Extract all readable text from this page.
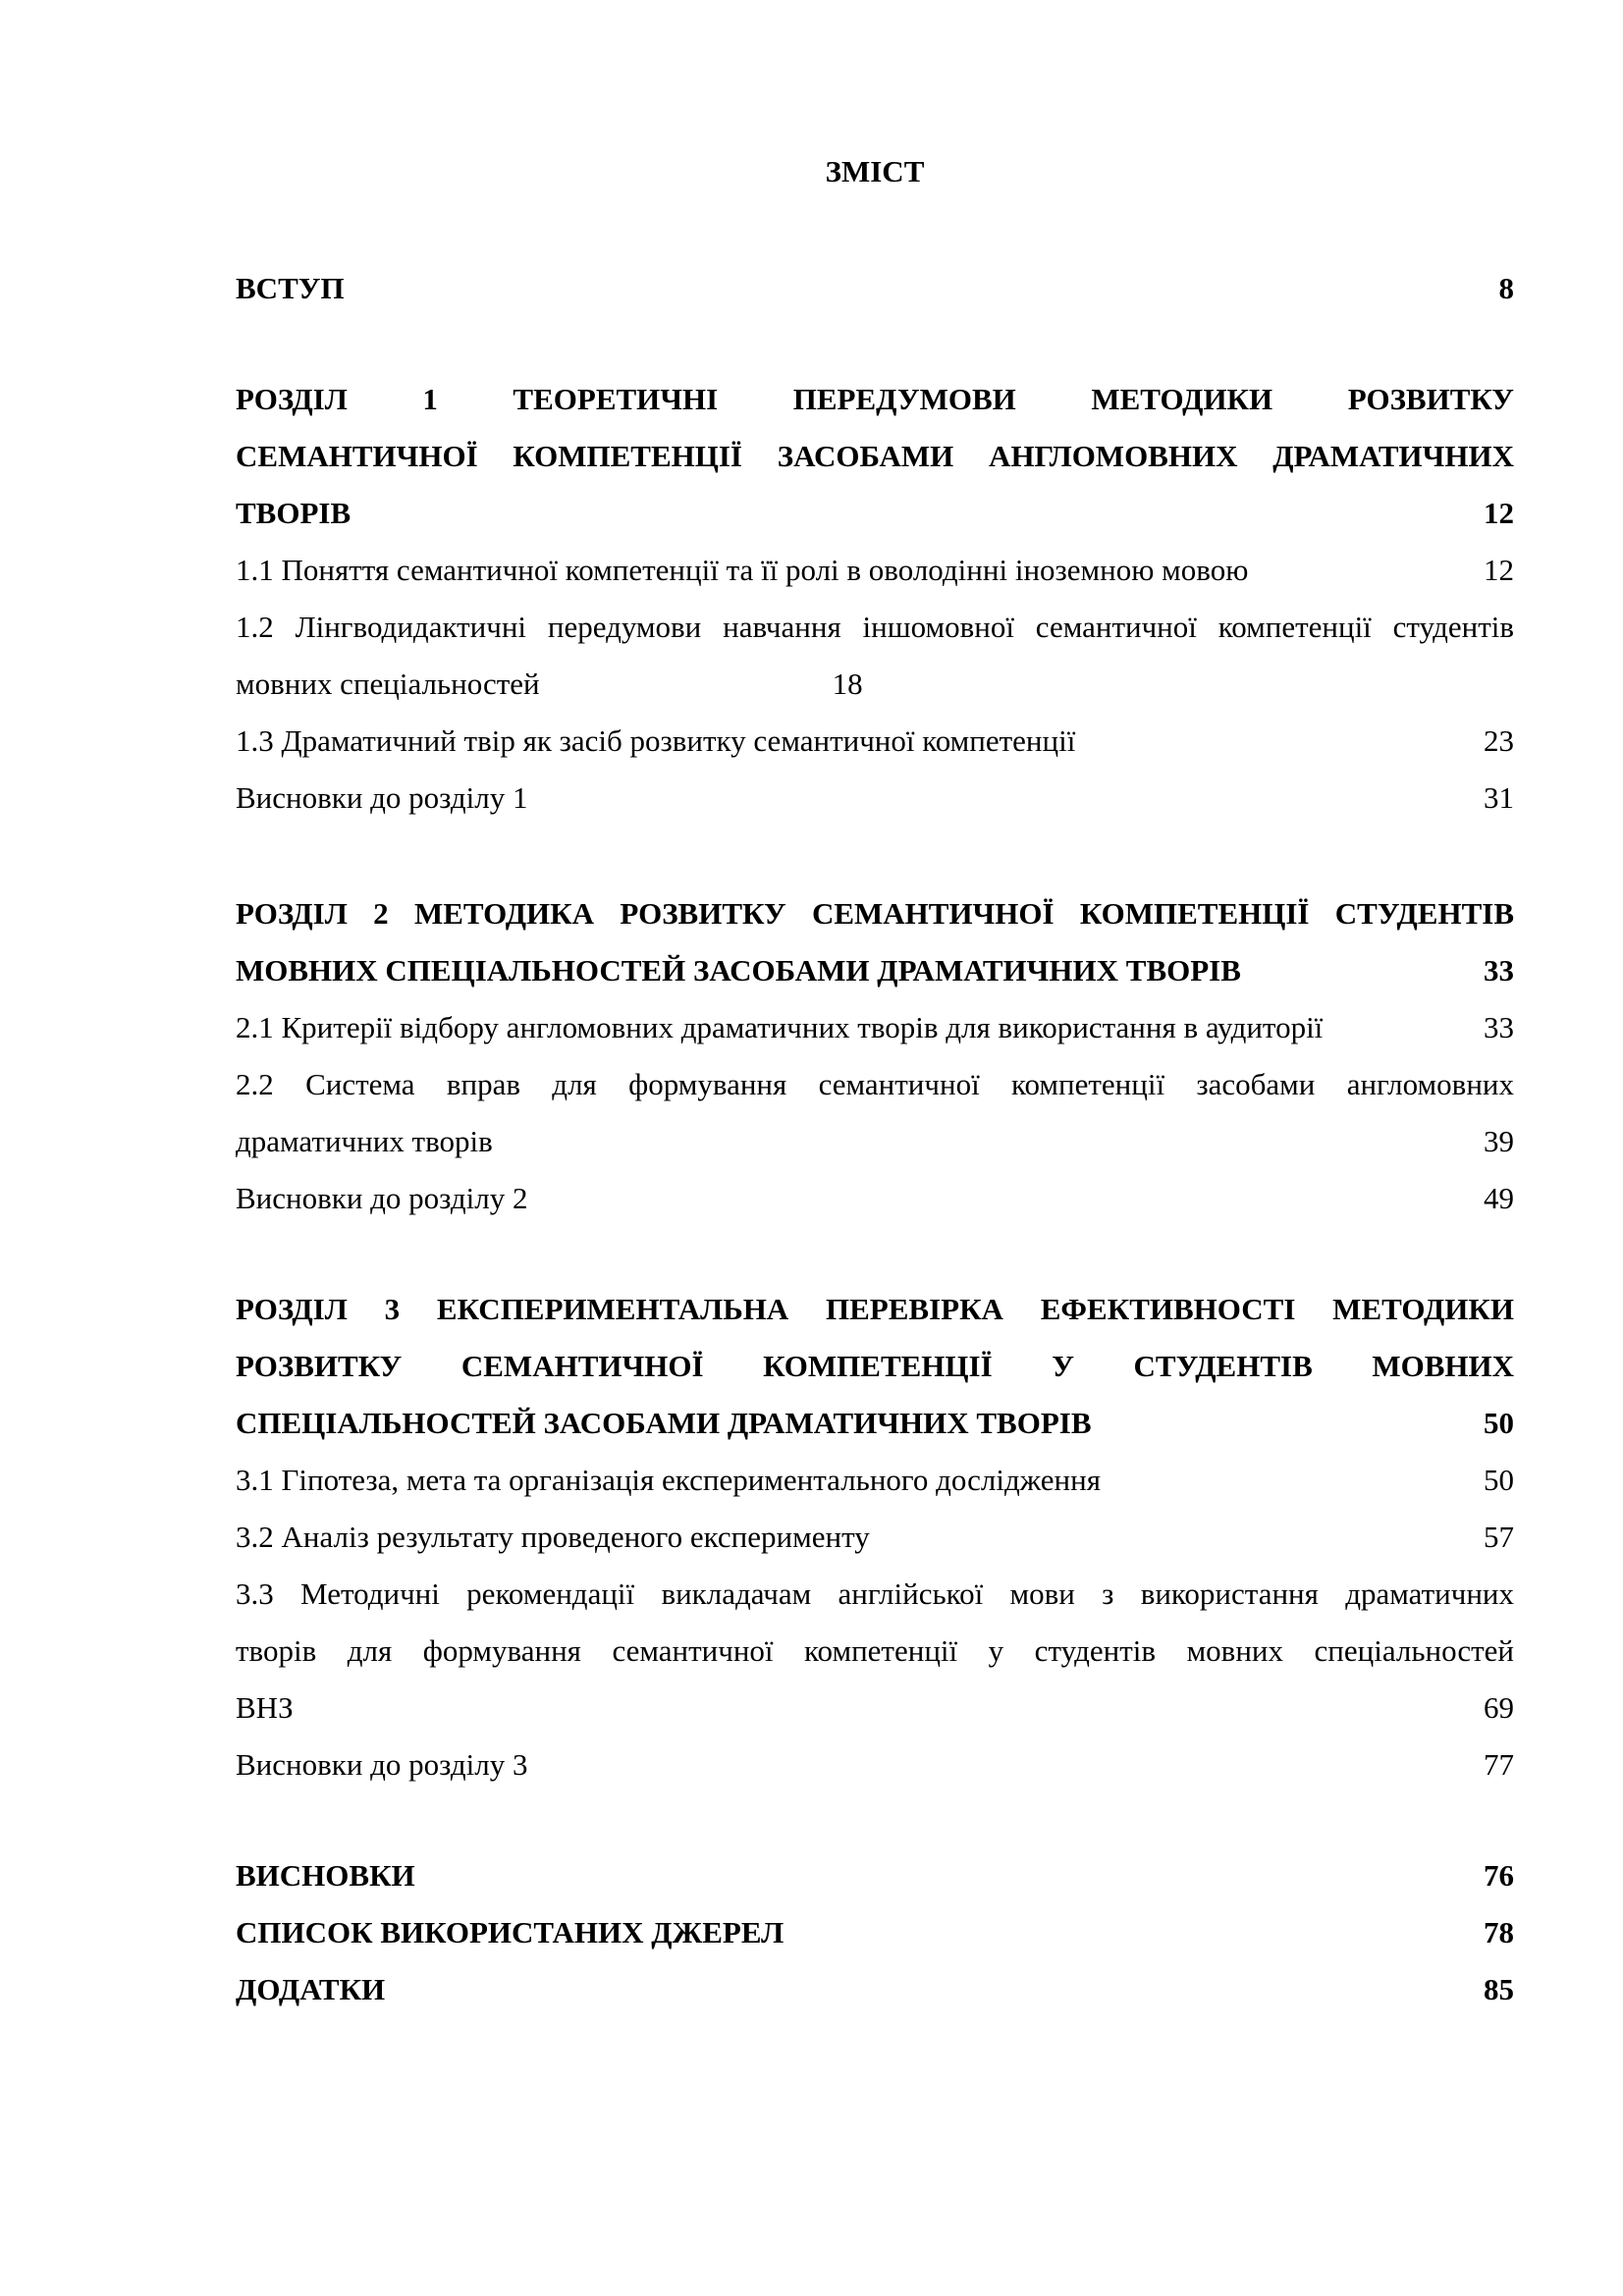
ЗМІСТ
ВСТУП	8
РОЗДІЛ 1 ТЕОРЕТИЧНІ ПЕРЕДУМОВИ МЕТОДИКИ РОЗВИТКУ
СЕМАНТИЧНОЇ КОМПЕТЕНЦІЇ ЗАСОБАМИ АНГЛОМОВНИХ ДРАМАТИЧНИХ
ТВОРІВ	12
1.1 Поняття семантичної компетенції та її ролі в оволодінні іноземною мовою	12
1.2 Лінгводидактичні передумови навчання іншомовної семантичної компетенції студентів
мовних спеціальностей	18
1.3 Драматичний твір як засіб розвитку семантичної компетенції	23
Висновки до розділу 1	31
РОЗДІЛ 2 МЕТОДИКА РОЗВИТКУ СЕМАНТИЧНОЇ КОМПЕТЕНЦІЇ СТУДЕНТІВ
МОВНИХ СПЕЦІАЛЬНОСТЕЙ ЗАСОБАМИ ДРАМАТИЧНИХ ТВОРІВ	33
2.1 Критерії відбору англомовних драматичних творів для використання в аудиторії	33
2.2 Система вправ для формування семантичної компетенції засобами англомовних
драматичних творів	39
Висновки до розділу 2	49
РОЗДІЛ 3 ЕКСПЕРИМЕНТАЛЬНА ПЕРЕВІРКА ЕФЕКТИВНОСТІ МЕТОДИКИ
РОЗВИТКУ СЕМАНТИЧНОЇ КОМПЕТЕНЦІЇ У СТУДЕНТІВ МОВНИХ
СПЕЦІАЛЬНОСТЕЙ ЗАСОБАМИ ДРАМАТИЧНИХ ТВОРІВ	50
3.1 Гіпотеза, мета та організація експериментального дослідження	50
3.2 Аналіз результату проведеного експерименту	57
3.3 Методичні рекомендації викладачам англійської мови з використання драматичних
творів для формування семантичної компетенції у студентів мовних спеціальностей
ВНЗ	69
Висновки до розділу 3	77
ВИСНОВКИ	76
СПИСОК ВИКОРИСТАНИХ ДЖЕРЕЛ	78
ДОДАТКИ	85
